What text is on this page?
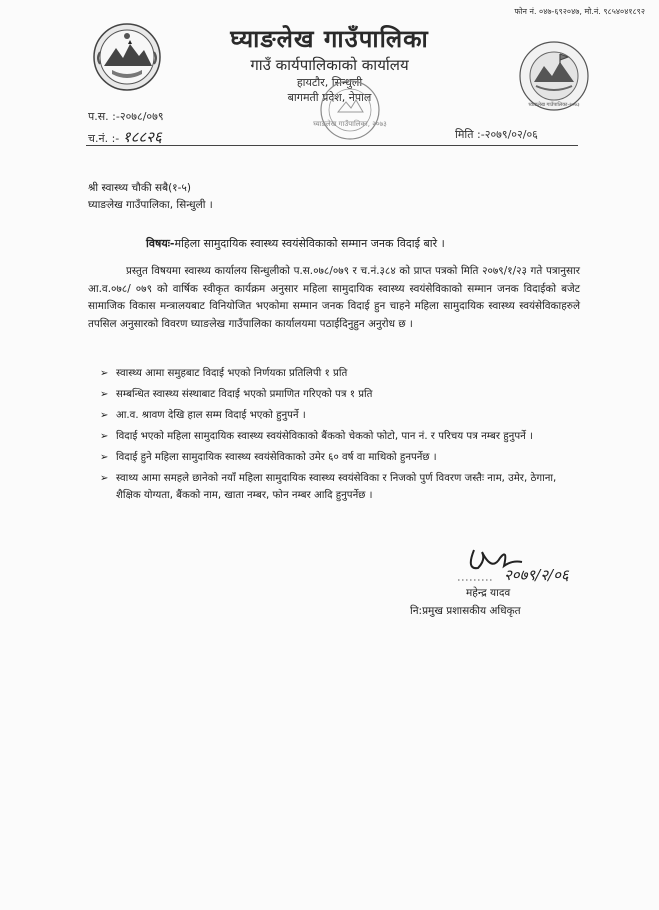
फोन नं. ०४७-६९२०४७, मो.नं. ९८५४०४१८९२
घ्याङलेख गाउँपालिका
गाउँ कार्यपालिकाको कार्यालय
हायटौर, सिन्धुली
बागमती प्रदेश, नेपाल
घ्याङलेख गाउँपालिका, २०७३
घ्याङलेख गाउँपालिका-२०७३
प.स. :-२०७८/०७९
च.नं. :- १८८२६	मिति :-२०७९/०२/०६
श्री स्वास्थ्य चौकी सबै(१-५)
घ्याङलेख गाउँपालिका, सिन्धुली ।
विषयः-महिला सामुदायिक स्वास्थ्य स्वयंसेविकाको सम्मान जनक विदाई बारे ।

प्रस्तुत विषयमा स्वास्थ्य कार्यालय सिन्धुलीको प.स.०७८/०७९ र च.नं.३८४ को प्राप्त पत्रको मिति २०७९/१/२३ गते पत्रानुसार आ.व.०७८/ ०७९ को वार्षिक स्वीकृत कार्यक्रम अनुसार महिला सामुदायिक स्वास्थ्य स्वयंसेविकाको सम्मान जनक विदाईको बजेट सामाजिक विकास मन्त्रालयबाट विनियोजित भएकोमा सम्मान जनक विदाई हुन चाहने महिला सामुदायिक स्वास्थ्य स्वयंसेविकाहरुले तपसिल अनुसारको विवरण घ्याङलेख गाउँपालिका कार्यालयमा पठाईदिनुहुन अनुरोध छ ।

➢ स्वास्थ्य आमा समुहबाट विदाई भएको निर्णयका प्रतिलिपी १ प्रति
➢ सम्बन्धित स्वास्थ्य संस्थाबाट विदाई भएको प्रमाणित गरिएको पत्र १ प्रति
➢ आ.व. श्रावण देखि हाल सम्म विदाई भएको हुनुपर्ने ।
➢ विदाई भएको महिला सामुदायिक स्वास्थ्य स्वयंसेविकाको बैंकको चेकको फोटो, पान नं. र परिचय पत्र नम्बर हुनुपर्ने ।
➢ विदाई हुने महिला सामुदायिक स्वास्थ्य स्वयंसेविकाको उमेर ६० वर्ष वा माथिको हुनपर्नेछ ।
➢ स्वाथ्य आमा समहले छानेको नयाँ महिला सामुदायिक स्वास्थ्य स्वयंसेविका र निजको पुर्ण विवरण जस्तैः नाम, उमेर, ठेगाना, शैक्षिक योग्यता, बैंकको नाम, खाता नम्बर, फोन नम्बर आदि हुनुपर्नेछ ।
२०७९/२/०६
महेन्द्र यादव
नि:प्रमुख प्रशासकीय अधिकृत
